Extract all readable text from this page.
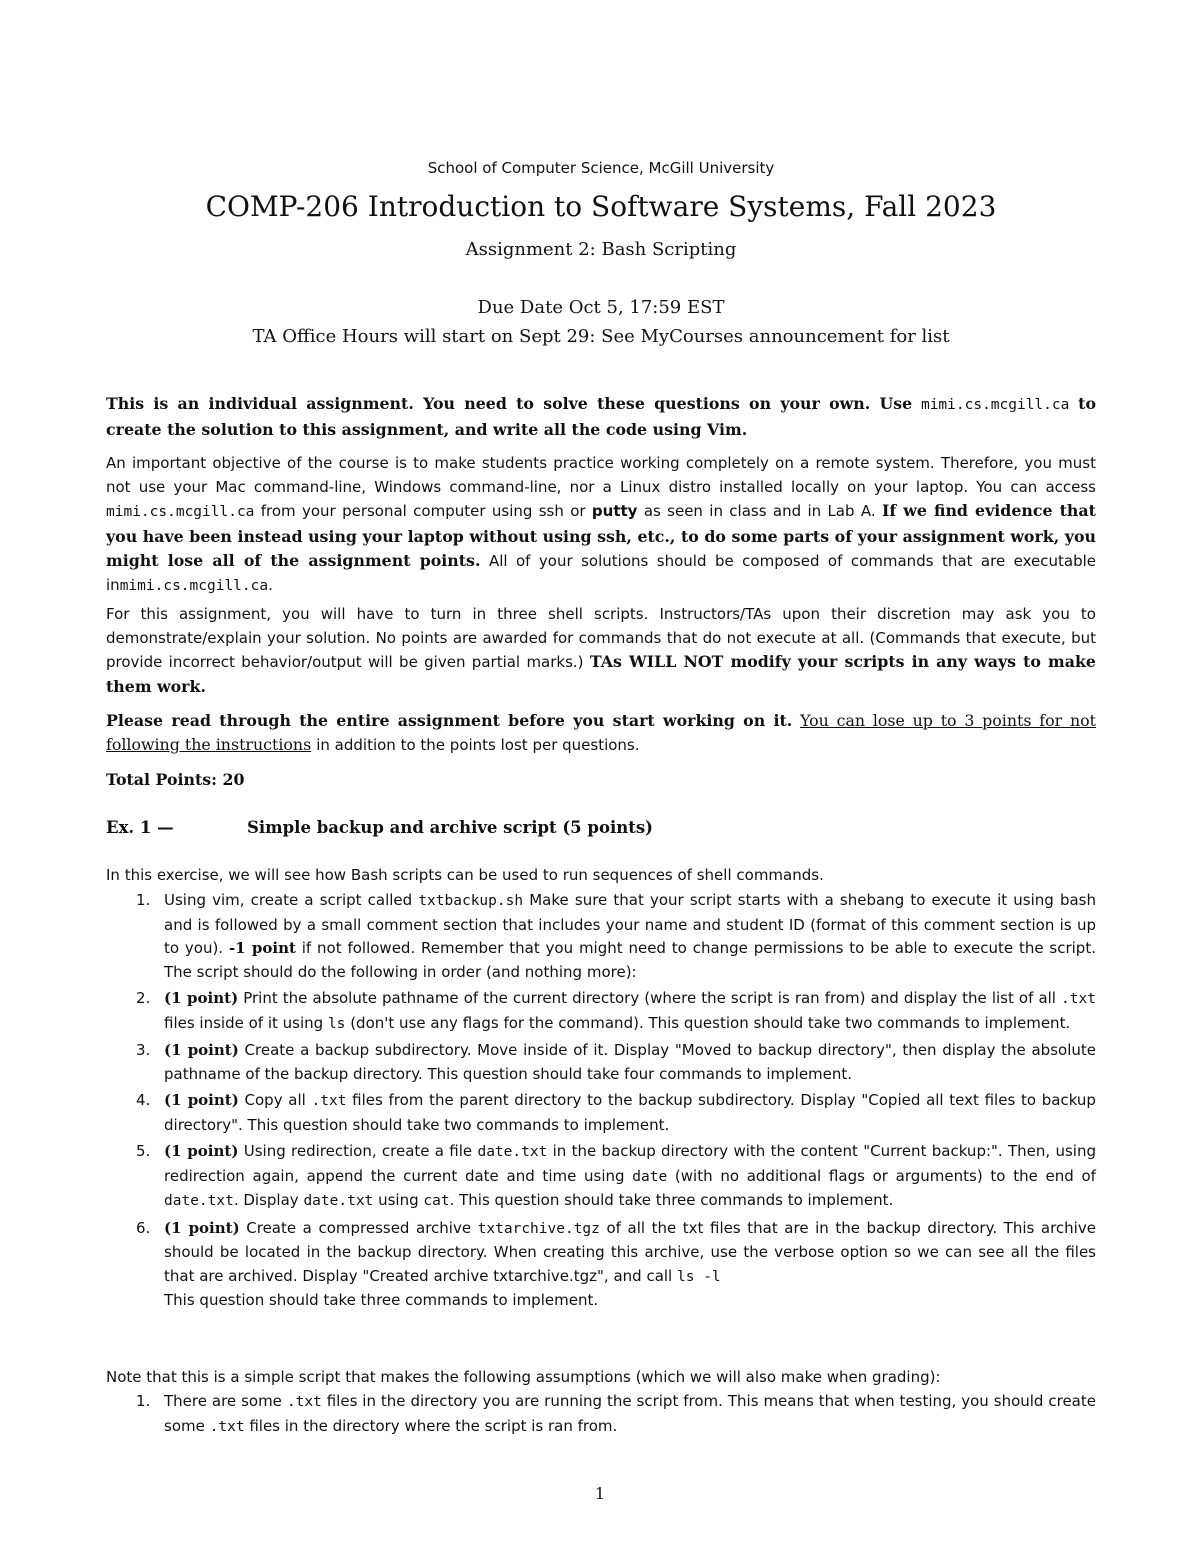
School of Computer Science, McGill University
COMP-206 Introduction to Software Systems, Fall 2023
Assignment 2: Bash Scripting
Due Date Oct 5, 17:59 EST
TA Office Hours will start on Sept 29: See MyCourses announcement for list

This is an individual assignment. You need to solve these questions on your own. Use mimi.cs.mcgill.ca to create the solution to this assignment, and write all the code using Vim.

An important objective of the course is to make students practice working completely on a remote system. Therefore, you must not use your Mac command-line, Windows command-line, nor a Linux distro installed locally on your laptop. You can access mimi.cs.mcgill.ca from your personal computer using ssh or putty as seen in class and in Lab A. If we find evidence that you have been instead using your laptop without using ssh, etc., to do some parts of your assignment work, you might lose all of the assignment points. All of your solutions should be composed of commands that are executable inmimi.cs.mcgill.ca.

For this assignment, you will have to turn in three shell scripts. Instructors/TAs upon their discretion may ask you to demonstrate/explain your solution. No points are awarded for commands that do not execute at all. (Commands that execute, but provide incorrect behavior/output will be given partial marks.) TAs WILL NOT modify your scripts in any ways to make them work.

Please read through the entire assignment before you start working on it. You can lose up to 3 points for not following the instructions in addition to the points lost per questions.

Total Points: 20

Ex. 1 —	Simple backup and archive script (5 points)

In this exercise, we will see how Bash scripts can be used to run sequences of shell commands.

1. Using vim, create a script called txtbackup.sh Make sure that your script starts with a shebang to execute it using bash and is followed by a small comment section that includes your name and student ID (format of this comment section is up to you). -1 point if not followed. Remember that you might need to change permissions to be able to execute the script. The script should do the following in order (and nothing more):
2. (1 point) Print the absolute pathname of the current directory (where the script is ran from) and display the list of all .txt files inside of it using ls (don't use any flags for the command). This question should take two commands to implement.
3. (1 point) Create a backup subdirectory. Move inside of it. Display "Moved to backup directory", then display the absolute pathname of the backup directory. This question should take four commands to implement.
4. (1 point) Copy all .txt files from the parent directory to the backup subdirectory. Display "Copied all text files to backup directory". This question should take two commands to implement.
5. (1 point) Using redirection, create a file date.txt in the backup directory with the content "Current backup:". Then, using redirection again, append the current date and time using date (with no additional flags or arguments) to the end of date.txt. Display date.txt using cat. This question should take three commands to implement.
6. (1 point) Create a compressed archive txtarchive.tgz of all the txt files that are in the backup directory. This archive should be located in the backup directory. When creating this archive, use the verbose option so we can see all the files that are archived. Display "Created archive txtarchive.tgz", and call ls -l
This question should take three commands to implement.

Note that this is a simple script that makes the following assumptions (which we will also make when grading):

1. There are some .txt files in the directory you are running the script from. This means that when testing, you should create some .txt files in the directory where the script is ran from.
1
